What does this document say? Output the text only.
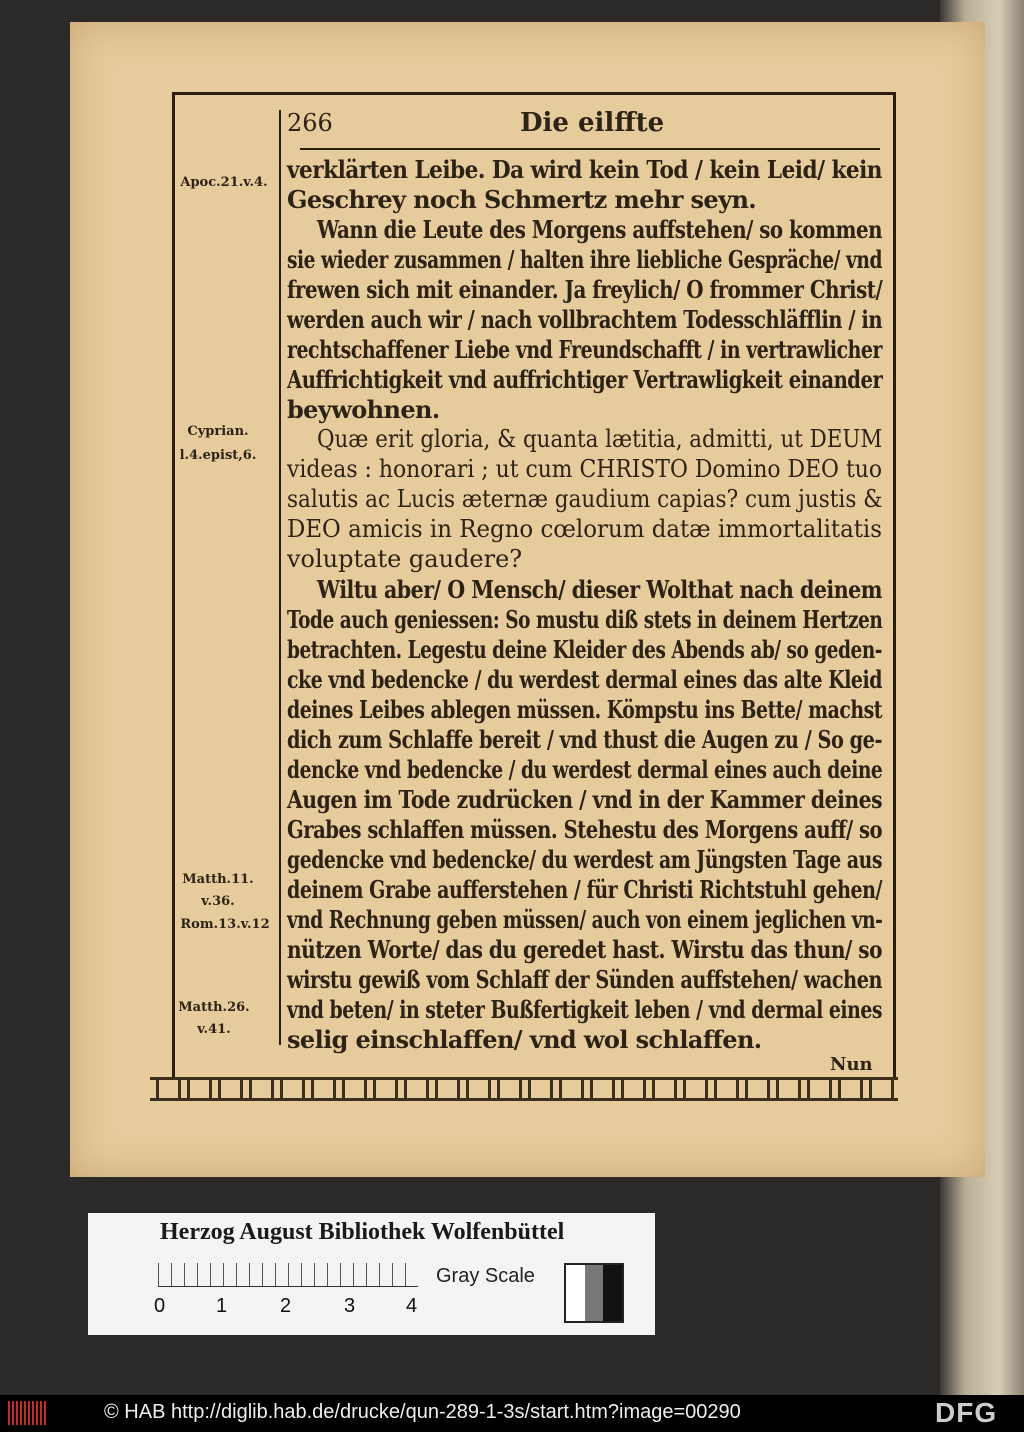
266	Die eilffte
verklärten Leibe. Da wird kein Tod / kein Leid/ kein
Geschrey noch Schmertz mehr seyn.
Wann die Leute des Morgens auffstehen/ so kommen
sie wieder zusammen / halten ihre liebliche Gespräche/ vnd
frewen sich mit einander. Ja freylich/ O frommer Christ/
werden auch wir / nach vollbrachtem Todesschläfflin / in
rechtschaffener Liebe vnd Freundschafft / in vertrawlicher
Auffrichtigkeit vnd auffrichtiger Vertrawligkeit einander
beywohnen.
Quæ erit gloria, & quanta lætitia, admitti, ut DEUM
videas : honorari ; ut cum CHRISTO Domino DEO tuo
salutis ac Lucis æternæ gaudium capias? cum justis &
DEO amicis in Regno cœlorum datæ immortalitatis
voluptate gaudere?
Wiltu aber/ O Mensch/ dieser Wolthat nach deinem
Tode auch geniessen: So mustu diß stets in deinem Hertzen
betrachten. Legestu deine Kleider des Abends ab/ so geden-
cke vnd bedencke / du werdest dermal eines das alte Kleid
deines Leibes ablegen müssen. Kömpstu ins Bette/ machst
dich zum Schlaffe bereit / vnd thust die Augen zu / So ge-
dencke vnd bedencke / du werdest dermal eines auch deine
Augen im Tode zudrücken / vnd in der Kammer deines
Grabes schlaffen müssen. Stehestu des Morgens auff/ so
gedencke vnd bedencke/ du werdest am Jüngsten Tage aus
deinem Grabe aufferstehen / für Christi Richtstuhl gehen/
vnd Rechnung geben müssen/ auch von einem jeglichen vn-
nützen Worte/ das du geredet hast. Wirstu das thun/ so
wirstu gewiß vom Schlaff der Sünden auffstehen/ wachen
vnd beten/ in steter Bußfertigkeit leben / vnd dermal eines
selig einschlaffen/ vnd wol schlaffen.
Apoc.21.v.4.
Cyprian.
l.4.epist,6.
Matth.11.
v.36.
Rom.13.v.12
Matth.26.
v.41.
Nun
Herzog August Bibliothek Wolfenbüttel
0	1	2	3	4
Gray Scale
© HAB http://diglib.hab.de/drucke/qun-289-1-3s/start.htm?image=00290	DFG
